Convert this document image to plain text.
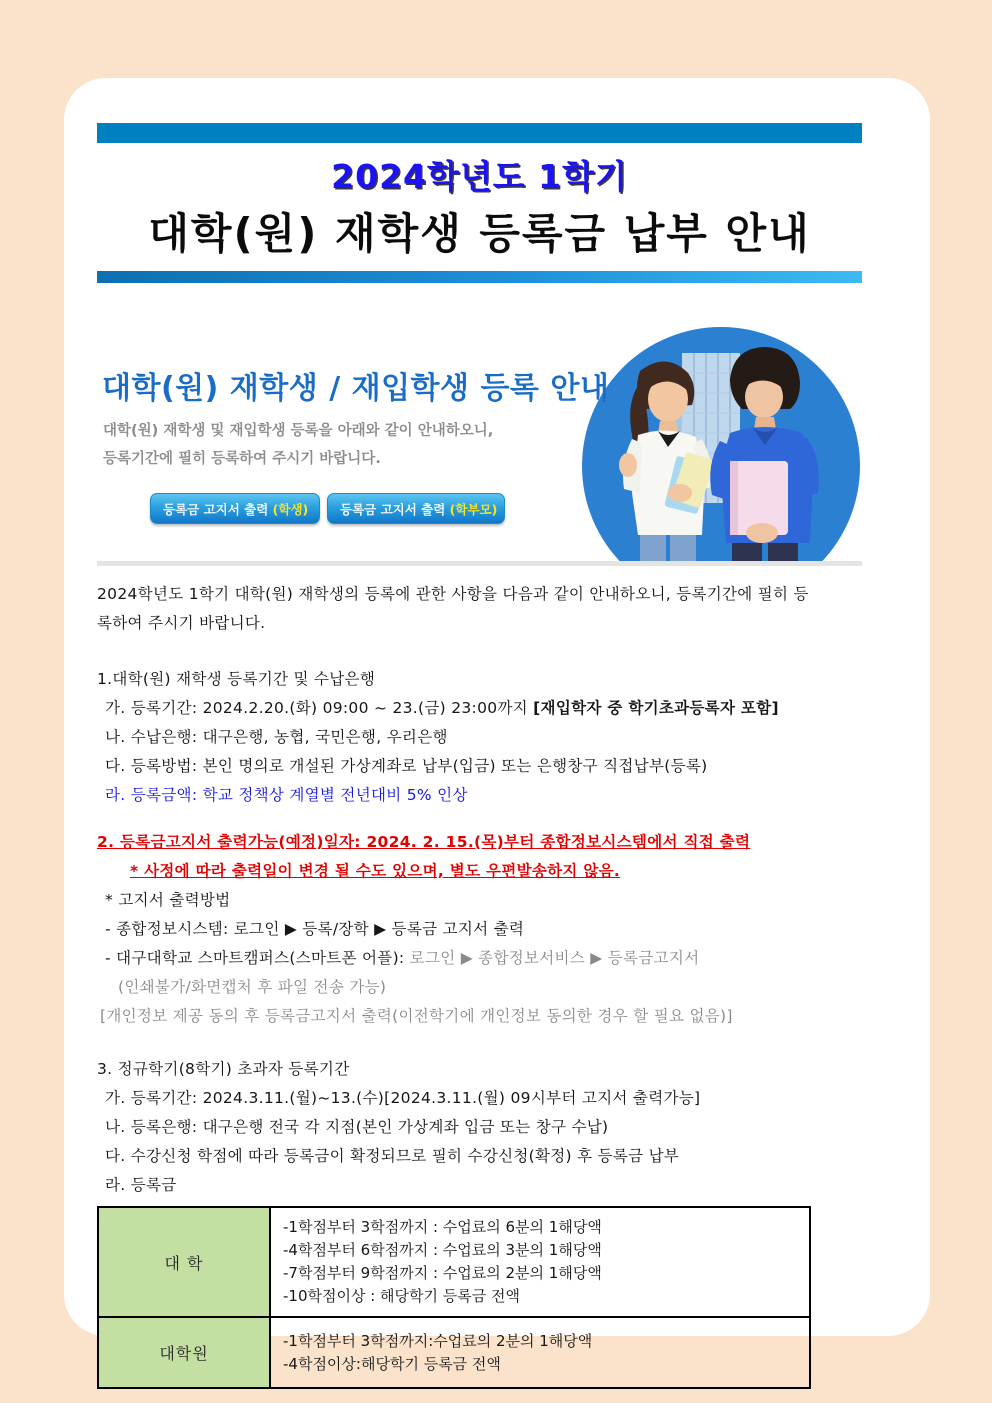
2024학년도 1학기
대학(원) 재학생 등록금 납부 안내
대학(원) 재학생 / 재입학생 등록 안내
대학(원) 재학생 및 재입학생 등록을 아래와 같이 안내하오니,
등록기간에 필히 등록하여 주시기 바랍니다.
등록금 고지서 출력 (학생)	등록금 고지서 출력 (학부모)
2024학년도 1학기 대학(원) 재학생의 등록에 관한 사항을 다음과 같이 안내하오니, 등록기간에 필히 등
록하여 주시기 바랍니다.
1.대학(원) 재학생 등록기간 및 수납은행
가. 등록기간: 2024.2.20.(화) 09:00 ~ 23.(금) 23:00까지 [재입학자 중 학기초과등록자 포함]
나. 수납은행: 대구은행, 농협, 국민은행, 우리은행
다. 등록방법: 본인 명의로 개설된 가상계좌로 납부(입금) 또는 은행창구 직접납부(등록)
라. 등록금액: 학교 정책상 계열별 전년대비 5% 인상
2. 등록금고지서 출력가능(예정)일자: 2024. 2. 15.(목)부터 종합정보시스템에서 직접 출력
* 사정에 따라 출력일이 변경 될 수도 있으며, 별도 우편발송하지 않음.
* 고지서 출력방법
- 종합정보시스템: 로그인 ▶ 등록/장학 ▶ 등록금 고지서 출력
- 대구대학교 스마트캠퍼스(스마트폰 어플): 로그인 ▶ 종합정보서비스 ▶ 등록금고지서
(인쇄불가/화면캡처 후 파일 전송 가능)
[개인정보 제공 동의 후 등록금고지서 출력(이전학기에 개인정보 동의한 경우 할 필요 없음)]
3. 정규학기(8학기) 초과자 등록기간
가. 등록기간: 2024.3.11.(월)~13.(수)[2024.3.11.(월) 09시부터 고지서 출력가능]
나. 등록은행: 대구은행 전국 각 지점(본인 가상계좌 입금 또는 창구 수납)
다. 수강신청 학점에 따라 등록금이 확정되므로 필히 수강신청(확정) 후 등록금 납부
라. 등록금
대 학	-1학점부터 3학점까지 : 수업료의 6분의 1해당액
-4학점부터 6학점까지 : 수업료의 3분의 1해당액
-7학점부터 9학점까지 : 수업료의 2분의 1해당액
-10학점이상 : 해당학기 등록금 전액

대학원	-1학점부터 3학점까지:수업료의 2분의 1해당액
-4학점이상:해당학기 등록금 전액
